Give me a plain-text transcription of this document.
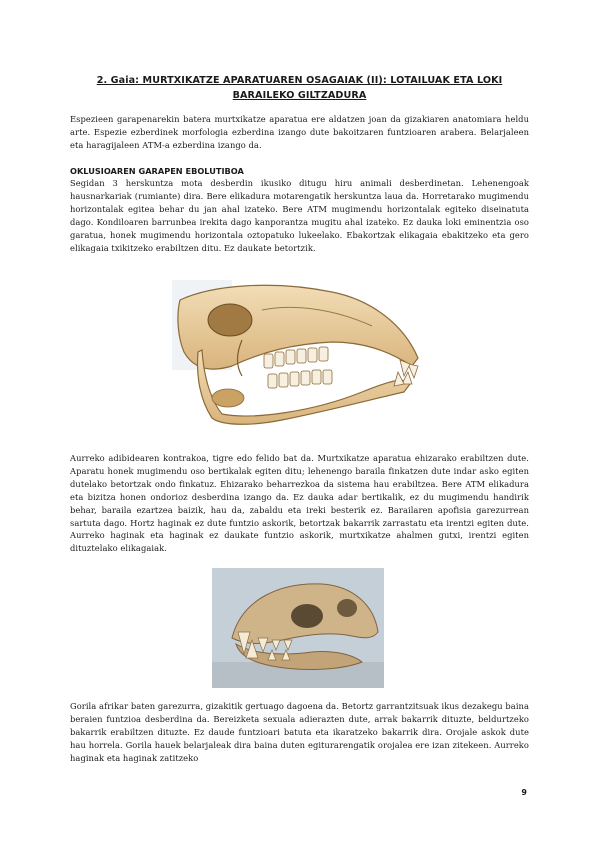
2. Gaia: MURTXIKATZE APARATUAREN OSAGAIAK (II): LOTAILUAK ETA LOKI BARAILEKO GILTZADURA

Espezieen garapenarekin batera murtxikatze aparatua ere aldatzen joan da gizakiaren anatomiara heldu arte. Espezie ezberdinek morfologia ezberdina izango dute bakoitzaren funtzioaren arabera. Belarjaleen eta haragijaleen ATM-a ezberdina izango da.

OKLUSIOAREN GARAPEN EBOLUTIBOA

Segidan 3 herskuntza mota desberdin ikusiko ditugu hiru animali desberdinetan. Lehenengoak hausnarkariak (rumiante) dira. Bere elikadura motarengatik herskuntza laua da. Horretarako mugimendu horizontalak egitea behar du jan ahal izateko. Bere ATM mugimendu horizontalak egiteko diseinatuta dago. Kondiloaren barrunbea irekita dago kanporantza mugitu ahal izateko. Ez dauka loki eminentzia oso garatua, honek mugimendu horizontala oztopatuko lukeelako. Ebakortzak elikagaia ebakitzeko eta gero elikagaia txikitzeko erabiltzen ditu. Ez daukate betortzik.

Aurreko adibidearen kontrakoa, tigre edo felido bat da. Murtxikatze aparatua ehizarako erabiltzen dute. Aparatu honek mugimendu oso bertikalak egiten ditu; lehenengo baraila finkatzen dute indar asko egiten dutelako betortzak ondo finkatuz. Ehizarako beharrezkoa da sistema hau erabiltzea. Bere ATM elikadura eta bizitza honen ondorioz desberdina izango da. Ez dauka adar bertikalik, ez du mugimendu handirik behar, baraila ezartzea baizik, hau da, zabaldu eta ireki besterik ez. Barailaren apofisia garezurrean sartuta dago. Hortz haginak ez dute funtzio askorik, betortzak bakarrik zarrastatu eta irentzi egiten dute. Aurreko haginak eta haginak ez daukate funtzio askorik, murtxikatze ahalmen gutxi, irentzi egiten dituztelako elikagaiak.

Gorila afrikar baten garezurra, gizakitik gertuago dagoena da. Betortz garrantzitsuak ikus dezakegu baina beraien funtzioa desberdina da. Bereizketa sexuala adierazten dute, arrak bakarrik dituzte, beldurtzeko bakarrik erabiltzen dituzte. Ez daude funtzioari batuta eta ikaratzeko bakarrik dira. Orojale askok dute hau horrela. Gorila hauek belarjaleak dira baina duten egiturarengatik orojalea ere izan zitekeen. Aurreko haginak eta haginak zatitzeko

9
